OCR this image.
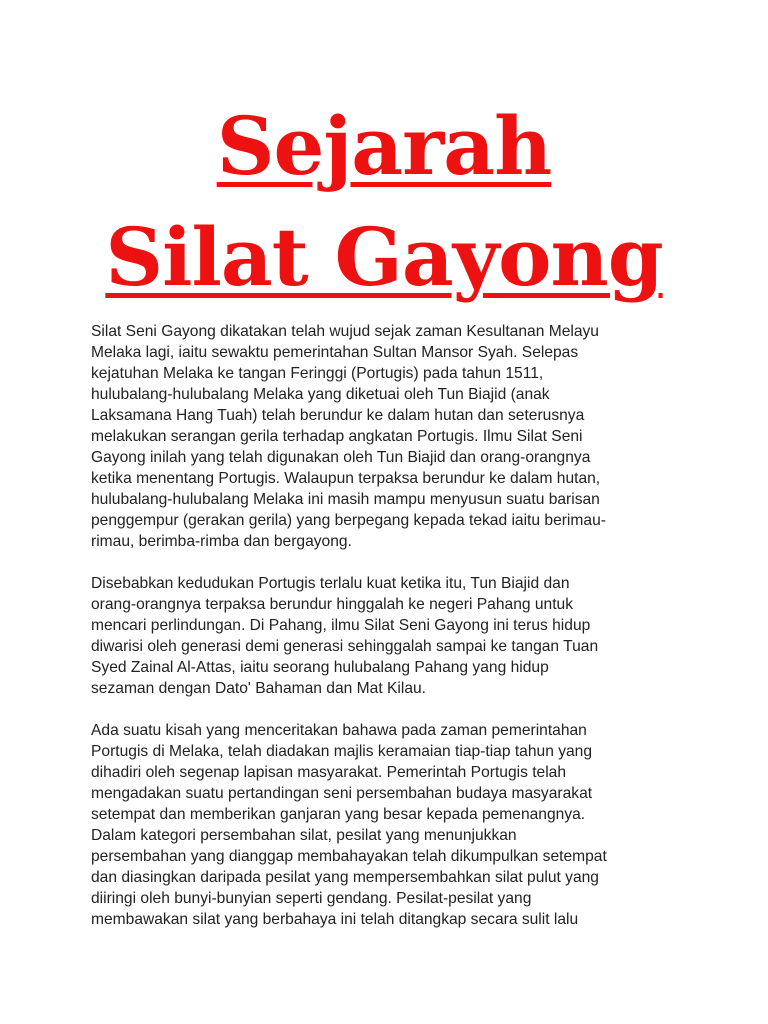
Sejarah
Silat Gayong

Silat Seni Gayong dikatakan telah wujud sejak zaman Kesultanan Melayu
Melaka lagi, iaitu sewaktu pemerintahan Sultan Mansor Syah. Selepas
kejatuhan Melaka ke tangan Feringgi (Portugis) pada tahun 1511,
hulubalang-hulubalang Melaka yang diketuai oleh Tun Biajid (anak
Laksamana Hang Tuah) telah berundur ke dalam hutan dan seterusnya
melakukan serangan gerila terhadap angkatan Portugis. Ilmu Silat Seni
Gayong inilah yang telah digunakan oleh Tun Biajid dan orang-orangnya
ketika menentang Portugis. Walaupun terpaksa berundur ke dalam hutan,
hulubalang-hulubalang Melaka ini masih mampu menyusun suatu barisan
penggempur (gerakan gerila) yang berpegang kepada tekad iaitu berimau-
rimau, berimba-rimba dan bergayong.

Disebabkan kedudukan Portugis terlalu kuat ketika itu, Tun Biajid dan
orang-orangnya terpaksa berundur hinggalah ke negeri Pahang untuk
mencari perlindungan. Di Pahang, ilmu Silat Seni Gayong ini terus hidup
diwarisi oleh generasi demi generasi sehinggalah sampai ke tangan Tuan
Syed Zainal Al-Attas, iaitu seorang hulubalang Pahang yang hidup
sezaman dengan Dato' Bahaman dan Mat Kilau.

Ada suatu kisah yang menceritakan bahawa pada zaman pemerintahan
Portugis di Melaka, telah diadakan majlis keramaian tiap-tiap tahun yang
dihadiri oleh segenap lapisan masyarakat. Pemerintah Portugis telah
mengadakan suatu pertandingan seni persembahan budaya masyarakat
setempat dan memberikan ganjaran yang besar kepada pemenangnya.
Dalam kategori persembahan silat, pesilat yang menunjukkan
persembahan yang dianggap membahayakan telah dikumpulkan setempat
dan diasingkan daripada pesilat yang mempersembahkan silat pulut yang
diiringi oleh bunyi-bunyian seperti gendang. Pesilat-pesilat yang
membawakan silat yang berbahaya ini telah ditangkap secara sulit lalu
